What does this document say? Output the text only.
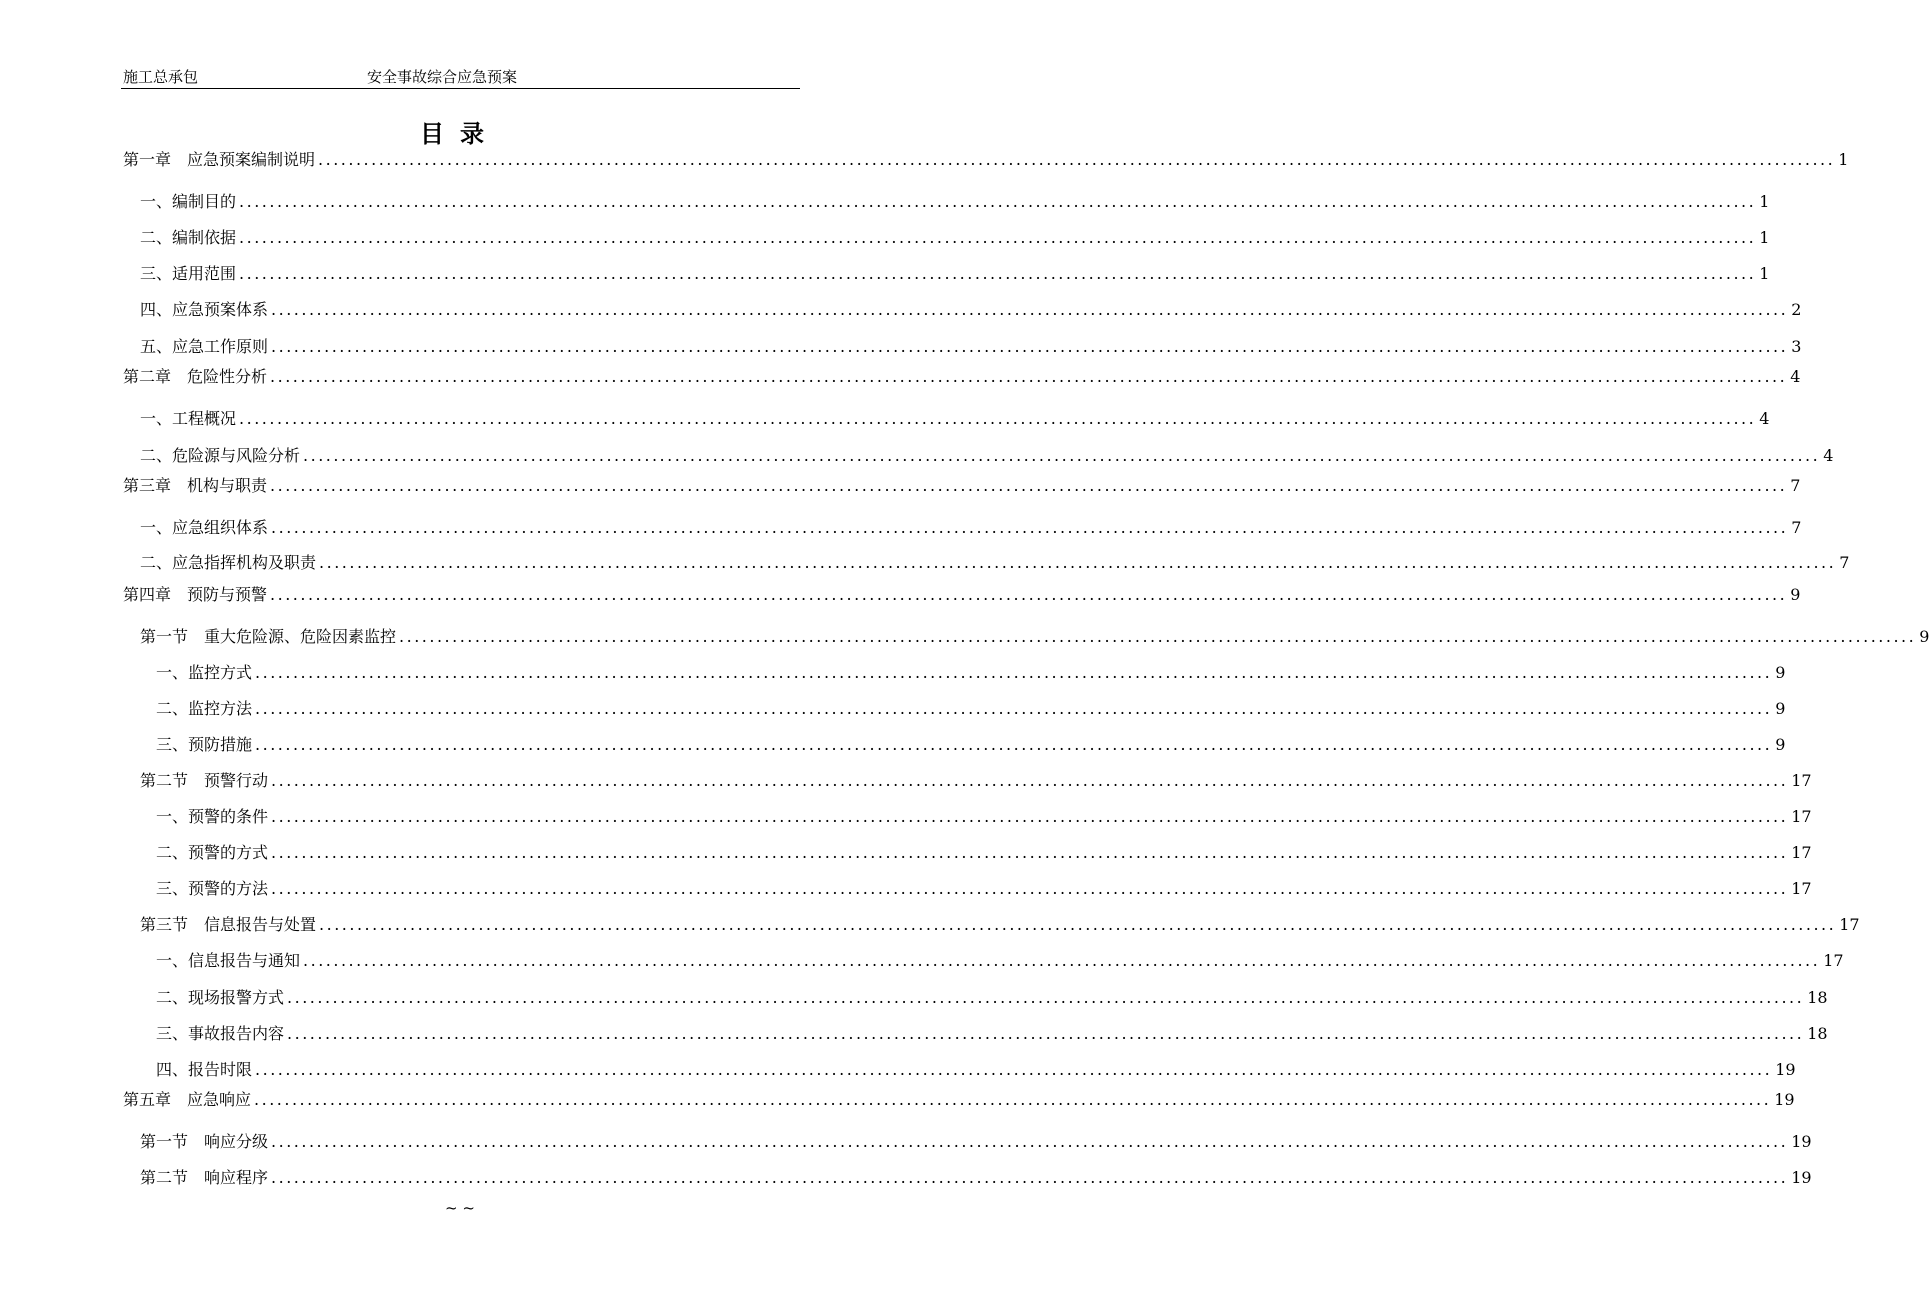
施工总承包	安全事故综合应急预案
目录
第一章　应急预案编制说明 ........................................................................................................................................................................................................ 1
一、编制目的 ........................................................................................................................................................................................................ 1
二、编制依据 ........................................................................................................................................................................................................ 1
三、适用范围 ........................................................................................................................................................................................................ 1
四、应急预案体系 ........................................................................................................................................................................................................ 2
五、应急工作原则 ........................................................................................................................................................................................................ 3
第二章　危险性分析 ........................................................................................................................................................................................................ 4
一、工程概况 ........................................................................................................................................................................................................ 4
二、危险源与风险分析 ........................................................................................................................................................................................................ 4
第三章　机构与职责 ........................................................................................................................................................................................................ 7
一、应急组织体系 ........................................................................................................................................................................................................ 7
二、应急指挥机构及职责 ........................................................................................................................................................................................................ 7
第四章　预防与预警 ........................................................................................................................................................................................................ 9
第一节　重大危险源、危险因素监控 ........................................................................................................................................................................................................ 9
一、监控方式 ........................................................................................................................................................................................................ 9
二、监控方法 ........................................................................................................................................................................................................ 9
三、预防措施 ........................................................................................................................................................................................................ 9
第二节　预警行动 ........................................................................................................................................................................................................ 17
一、预警的条件 ........................................................................................................................................................................................................ 17
二、预警的方式 ........................................................................................................................................................................................................ 17
三、预警的方法 ........................................................................................................................................................................................................ 17
第三节　信息报告与处置 ........................................................................................................................................................................................................ 17
一、信息报告与通知 ........................................................................................................................................................................................................ 17
二、现场报警方式 ........................................................................................................................................................................................................ 18
三、事故报告内容 ........................................................................................................................................................................................................ 18
四、报告时限 ........................................................................................................................................................................................................ 19
第五章　应急响应 ........................................................................................................................................................................................................ 19
第一节　响应分级 ........................................................................................................................................................................................................ 19
第二节　响应程序 ........................................................................................................................................................................................................ 19
~ ~
